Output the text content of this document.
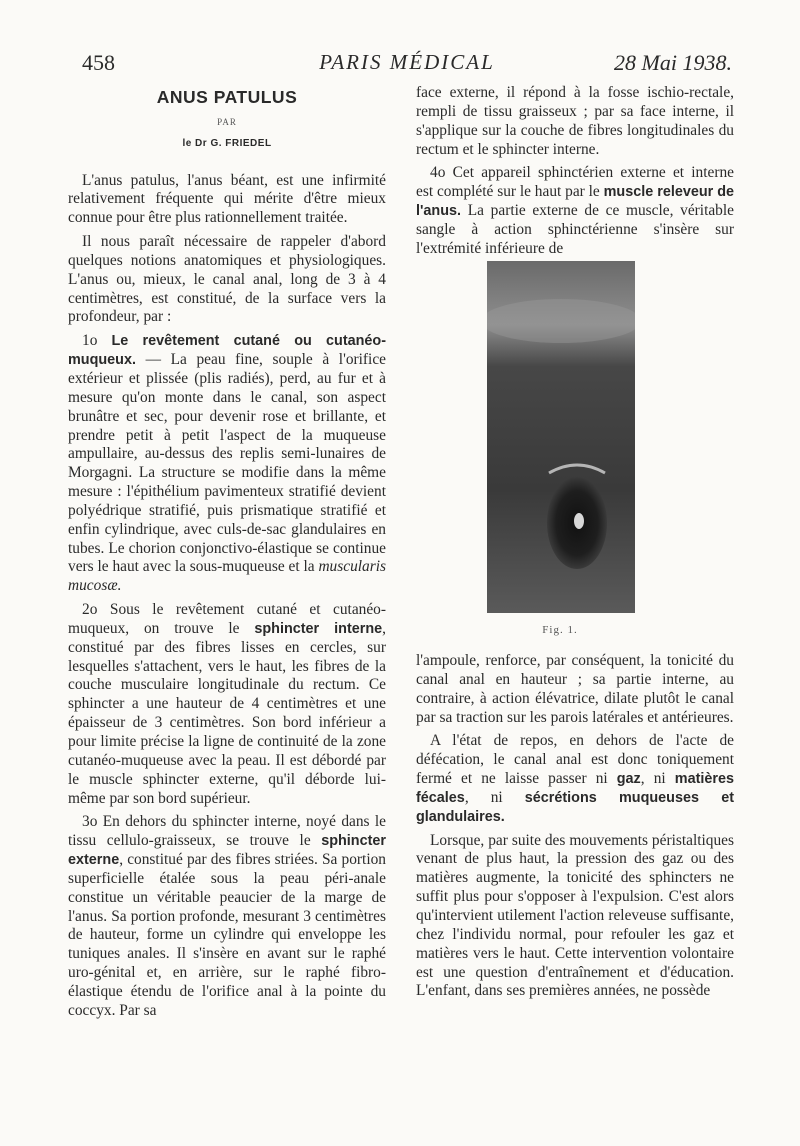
458	PARIS MÉDICAL	28 Mai 1938.
ANUS PATULUS
PAR
le Dr G. FRIEDEL

L'anus patulus, l'anus béant, est une infirmité relativement fréquente qui mérite d'être mieux connue pour être plus rationnellement traitée.

Il nous paraît nécessaire de rappeler d'abord quelques notions anatomiques et physiologiques. L'anus ou, mieux, le canal anal, long de 3 à 4 centimètres, est constitué, de la surface vers la profondeur, par :

1o Le revêtement cutané ou cutanéo-muqueux. — La peau fine, souple à l'orifice extérieur et plissée (plis radiés), perd, au fur et à mesure qu'on monte dans le canal, son aspect brunâtre et sec, pour devenir rose et brillante, et prendre petit à petit l'aspect de la muqueuse ampullaire, au-dessus des replis semi-lunaires de Morgagni. La structure se modifie dans la même mesure : l'épithélium pavimenteux stratifié devient polyédrique stratifié, puis prismatique stratifié et enfin cylindrique, avec culs-de-sac glandulaires en tubes. Le chorion conjonctivo-élastique se continue vers le haut avec la sous-muqueuse et la muscularis mucosæ.

2o Sous le revêtement cutané et cutanéo-muqueux, on trouve le sphincter interne, constitué par des fibres lisses en cercles, sur lesquelles s'attachent, vers le haut, les fibres de la couche musculaire longitudinale du rectum. Ce sphincter a une hauteur de 4 centimètres et une épaisseur de 3 centimètres. Son bord inférieur a pour limite précise la ligne de continuité de la zone cutanéo-muqueuse avec la peau. Il est débordé par le muscle sphincter externe, qu'il déborde lui-même par son bord supérieur.

3o En dehors du sphincter interne, noyé dans le tissu cellulo-graisseux, se trouve le sphincter externe, constitué par des fibres striées. Sa portion superficielle étalée sous la peau péri-anale constitue un véritable peaucier de la marge de l'anus. Sa portion profonde, mesurant 3 centimètres de hauteur, forme un cylindre qui enveloppe les tuniques anales. Il s'insère en avant sur le raphé uro-génital et, en arrière, sur le raphé fibro-élastique étendu de l'orifice anal à la pointe du coccyx. Par sa

face externe, il répond à la fosse ischio-rectale, rempli de tissu graisseux ; par sa face interne, il s'applique sur la couche de fibres longitudinales du rectum et le sphincter interne.

4o Cet appareil sphinctérien externe et interne est complété sur le haut par le muscle releveur de l'anus. La partie externe de ce muscle, véritable sangle à action sphinctérienne s'insère sur l'extrémité inférieure de

Fig. 1.

l'ampoule, renforce, par conséquent, la tonicité du canal anal en hauteur ; sa partie interne, au contraire, à action élévatrice, dilate plutôt le canal par sa traction sur les parois latérales et antérieures.

A l'état de repos, en dehors de l'acte de défécation, le canal anal est donc toniquement fermé et ne laisse passer ni gaz, ni matières fécales, ni sécrétions muqueuses et glandulaires.

Lorsque, par suite des mouvements péristaltiques venant de plus haut, la pression des gaz ou des matières augmente, la tonicité des sphincters ne suffit plus pour s'opposer à l'expulsion. C'est alors qu'intervient utilement l'action releveuse suffisante, chez l'individu normal, pour refouler les gaz et matières vers le haut. Cette intervention volontaire est une question d'entraînement et d'éducation. L'enfant, dans ses premières années, ne possède
